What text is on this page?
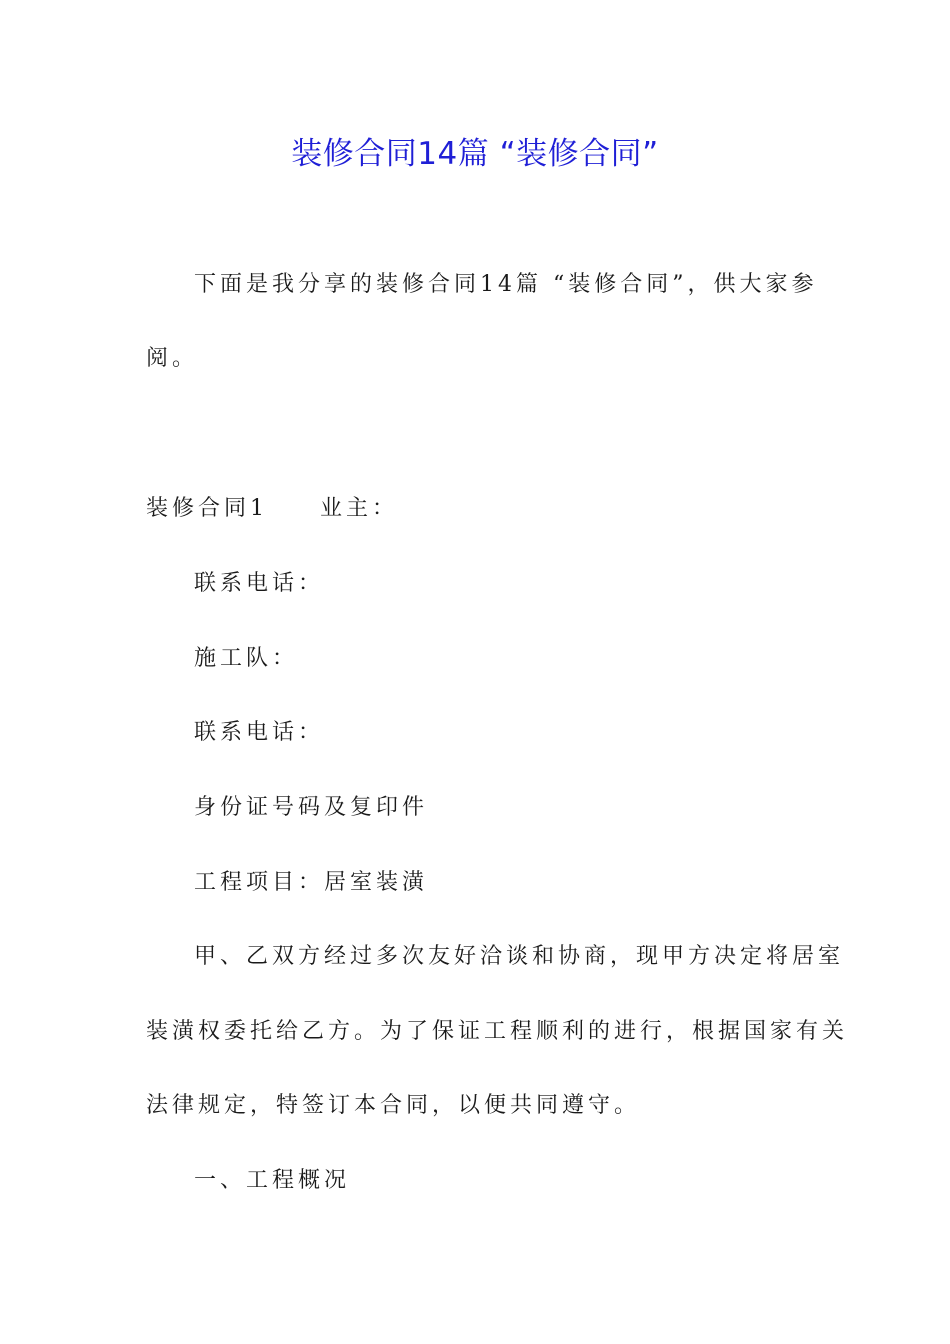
装修合同14篇 “装修合同”
下面是我分享的装修合同14篇 “装修合同”，供大家参
阅。
装修合同1　　业主：
联系电话：
施工队：
联系电话：
身份证号码及复印件
工程项目：居室装潢
甲、乙双方经过多次友好洽谈和协商，现甲方决定将居室
装潢权委托给乙方。为了保证工程顺利的进行，根据国家有关
法律规定，特签订本合同，以便共同遵守。
一、工程概况
